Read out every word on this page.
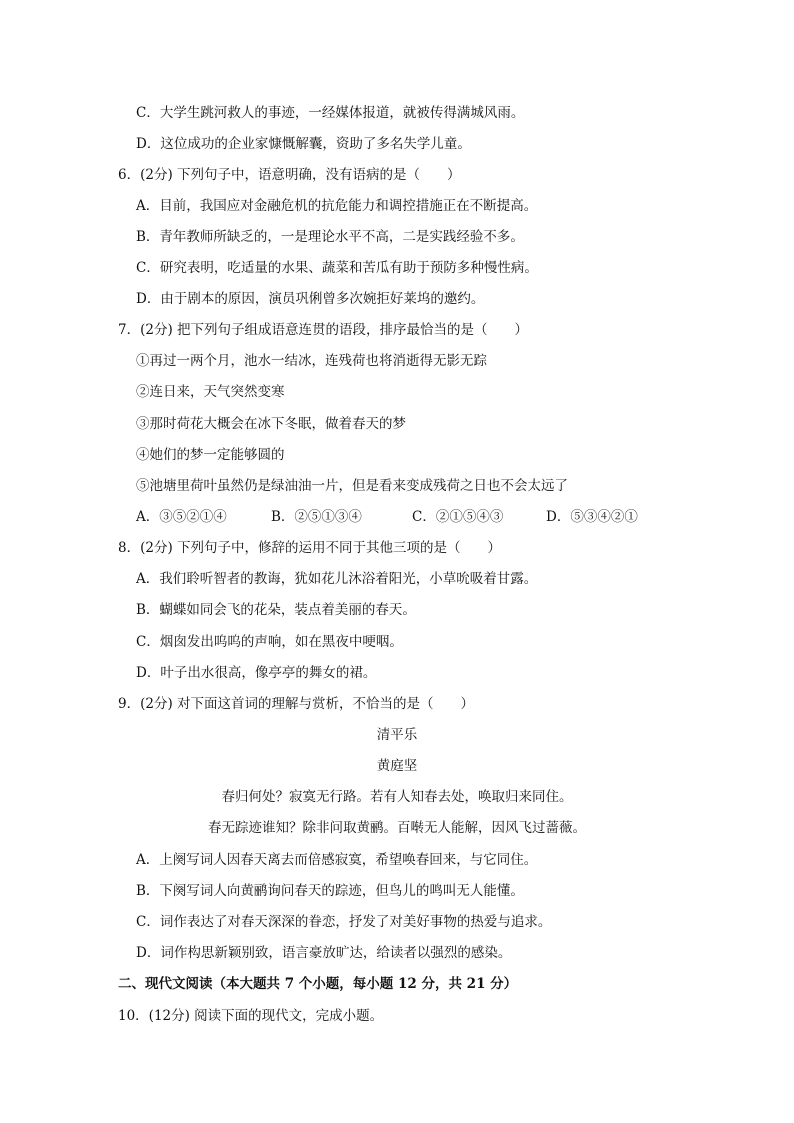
C．大学生跳河救人的事迹，一经媒体报道，就被传得满城风雨。
D．这位成功的企业家慷慨解囊，资助了多名失学儿童。
6．(2分) 下列句子中，语意明确，没有语病的是（　　）
A．目前，我国应对金融危机的抗危能力和调控措施正在不断提高。
B．青年教师所缺乏的，一是理论水平不高，二是实践经验不多。
C．研究表明，吃适量的水果、蔬菜和苦瓜有助于预防多种慢性病。
D．由于剧本的原因，演员巩俐曾多次婉拒好莱坞的邀约。
7．(2分) 把下列句子组成语意连贯的语段，排序最恰当的是（　　）
①再过一两个月，池水一结冰，连残荷也将消逝得无影无踪
②连日来，天气突然变寒
③那时荷花大概会在冰下冬眠，做着春天的梦
④她们的梦一定能够圆的
⑤池塘里荷叶虽然仍是绿油油一片，但是看来变成残荷之日也不会太远了
A．③⑤②①④	B．②⑤①③④	C．②①⑤④③	D．⑤③④②①
8．(2分) 下列句子中，修辞的运用不同于其他三项的是（　　）
A．我们聆听智者的教诲，犹如花儿沐浴着阳光，小草吮吸着甘露。
B．蝴蝶如同会飞的花朵，装点着美丽的春天。
C．烟囱发出呜呜的声响，如在黑夜中哽咽。
D．叶子出水很高，像亭亭的舞女的裙。
9．(2分) 对下面这首词的理解与赏析，不恰当的是（　　）
清平乐
黄庭坚
春归何处？寂寞无行路。若有人知春去处，唤取归来同住。
春无踪迹谁知？除非问取黄鹂。百啭无人能解，因风飞过蔷薇。
A．上阕写词人因春天离去而倍感寂寞，希望唤春回来，与它同住。
B．下阕写词人向黄鹂询问春天的踪迹，但鸟儿的鸣叫无人能懂。
C．词作表达了对春天深深的眷恋，抒发了对美好事物的热爱与追求。
D．词作构思新颖别致，语言豪放旷达，给读者以强烈的感染。
二、现代文阅读（本大题共 7 个小题，每小题 12 分，共 21 分）
10．(12分) 阅读下面的现代文，完成小题。
